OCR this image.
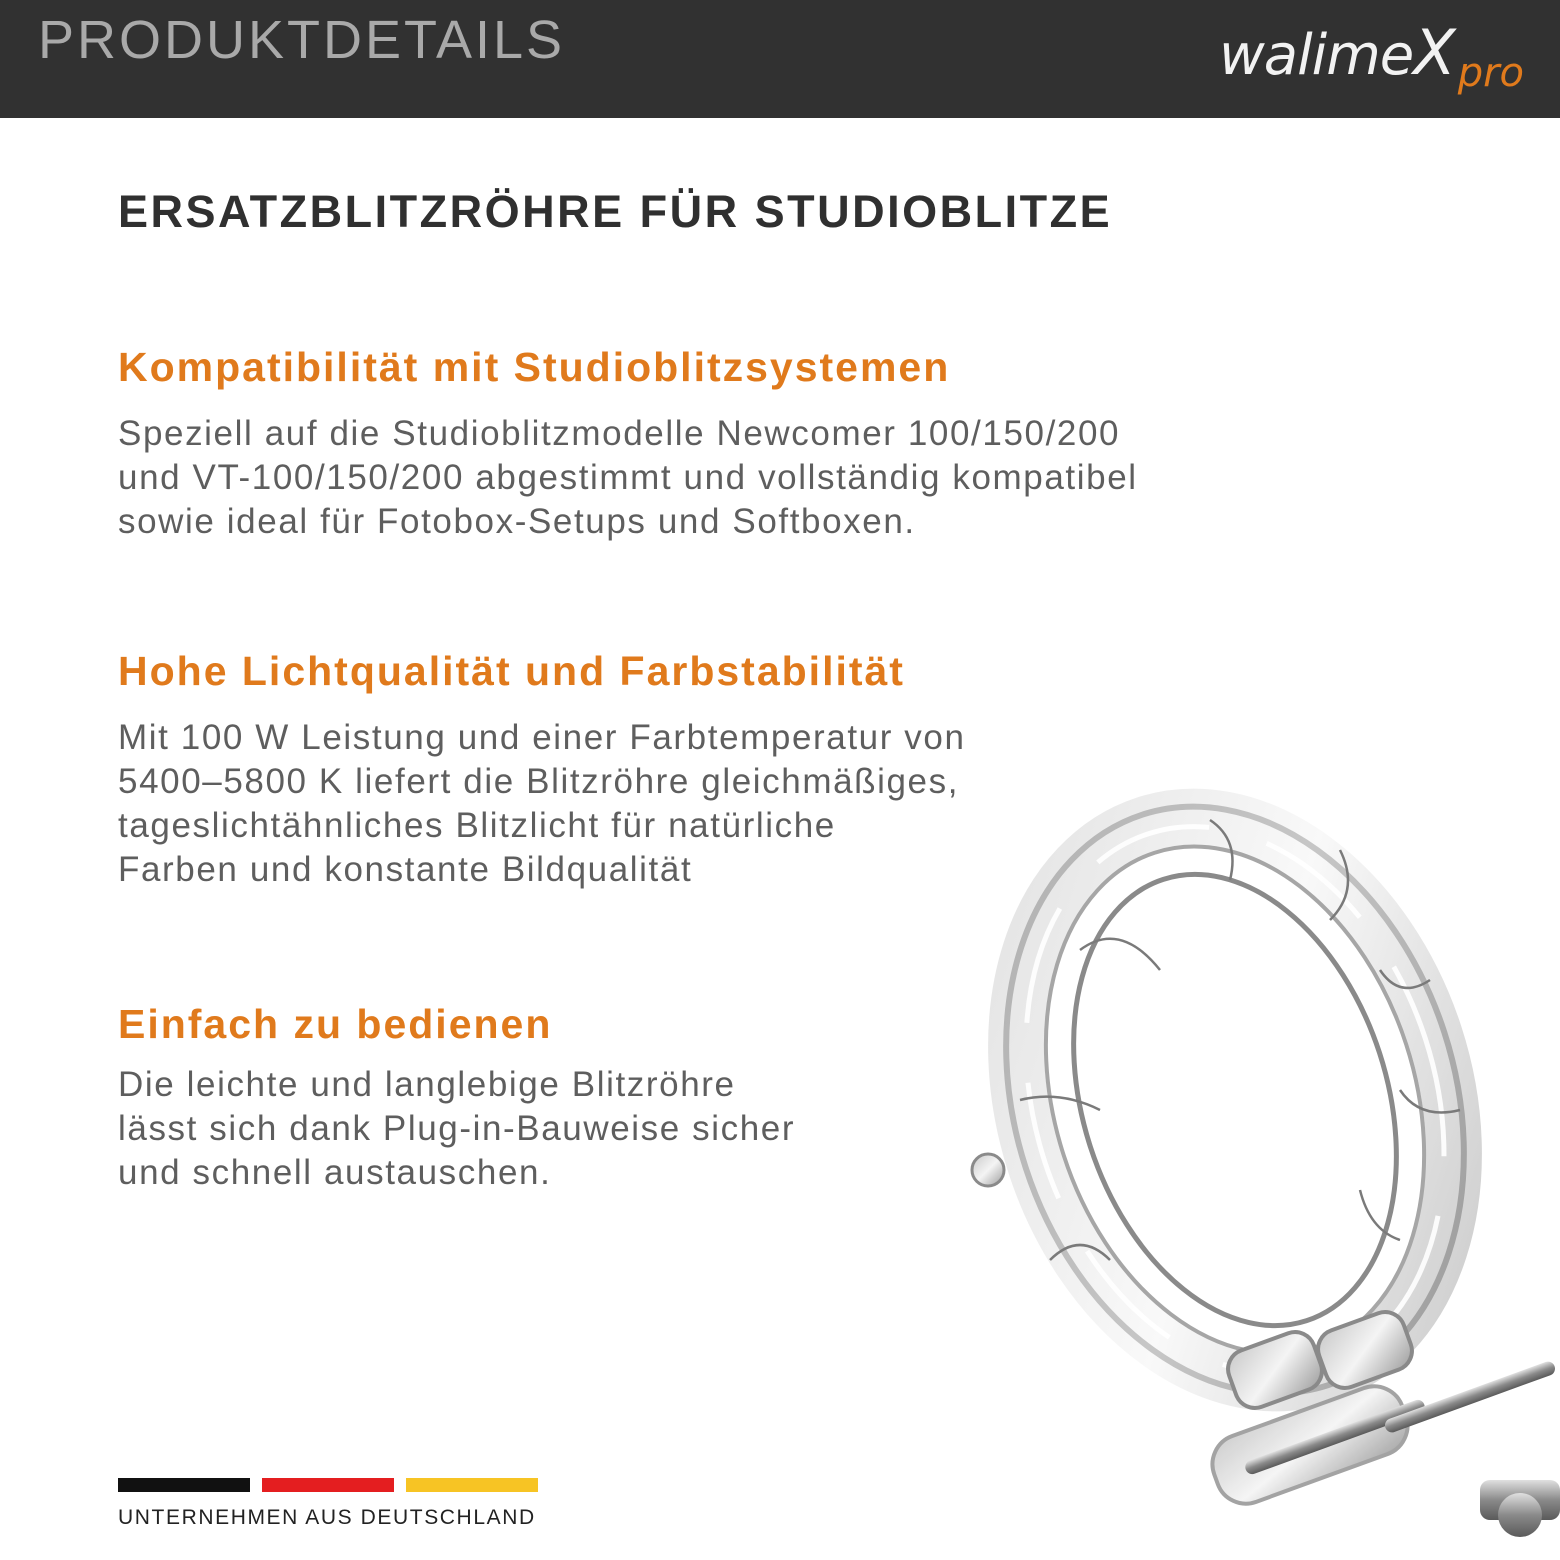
PRODUKTDETAILS	walimeXpro
ERSATZBLITZRÖHRE FÜR STUDIOBLITZE
Kompatibilität mit Studioblitzsystemen
Speziell auf die Studioblitzmodelle Newcomer 100/150/200
und VT-100/150/200 abgestimmt und vollständig kompatibel
sowie ideal für Fotobox-Setups und Softboxen.
Hohe Lichtqualität und Farbstabilität
Mit 100 W Leistung und einer Farbtemperatur von
5400–5800 K liefert die Blitzröhre gleichmäßiges,
tageslichtähnliches Blitzlicht für natürliche
Farben und konstante Bildqualität
Einfach zu bedienen
Die leichte und langlebige Blitzröhre
lässt sich dank Plug-in-Bauweise sicher
und schnell austauschen.
UNTERNEHMEN AUS DEUTSCHLAND
